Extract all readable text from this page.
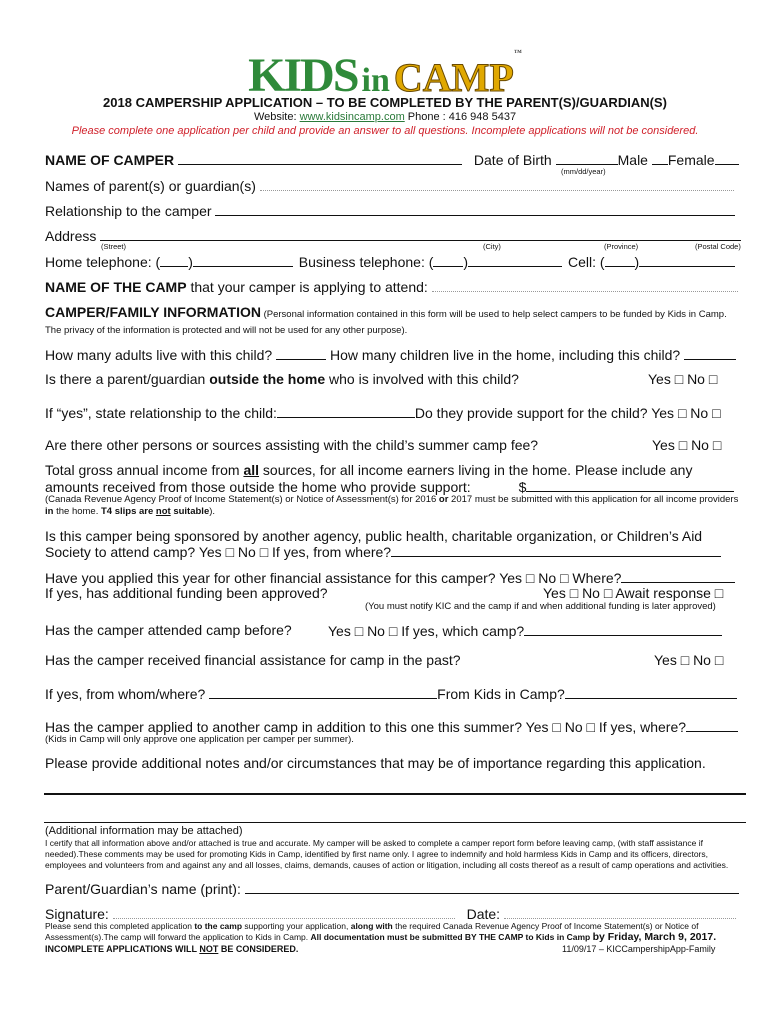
KIDS in CAMP™
2018 CAMPERSHIP APPLICATION – TO BE COMPLETED BY THE PARENT(S)/GUARDIAN(S)
Website: www.kidsincamp.com Phone : 416 948 5437
Please complete one application per child and provide an answer to all questions. Incomplete applications will not be considered.
NAME OF CAMPER	Date of Birth	Male Female
(mm/dd/year)
Names of parent(s) or guardian(s)
Relationship to the camper
Address
(Street)	(City)	(Province)	(Postal Code)
Home telephone: ( )	Business telephone: ( )	Cell: ( )
NAME OF THE CAMP that your camper is applying to attend:
CAMPER/FAMILY INFORMATION (Personal information contained in this form will be used to help select campers to be funded by Kids in Camp. The privacy of the information is protected and will not be used for any other purpose).
How many adults live with this child?	How many children live in the home, including this child?
Is there a parent/guardian outside the home who is involved with this child?	Yes □ No □
If “yes”, state relationship to the child:	Do they provide support for the child? Yes □ No □
Are there other persons or sources assisting with the child’s summer camp fee?	Yes □ No □
Total gross annual income from all sources, for all income earners living in the home. Please include any
amounts received from those outside the home who provide support:	$
(Canada Revenue Agency Proof of Income Statement(s) or Notice of Assessment(s) for 2016 or 2017 must be submitted with this application for all income providers in the home. T4 slips are not suitable).
Is this camper being sponsored by another agency, public health, charitable organization, or Children’s Aid
Society to attend camp? Yes □ No □ If yes, from where?
Have you applied this year for other financial assistance for this camper? Yes □ No □ Where?
If yes, has additional funding been approved?	Yes □ No □ Await response □
(You must notify KIC and the camp if and when additional funding is later approved)
Has the camper attended camp before?	Yes □ No □ If yes, which camp?
Has the camper received financial assistance for camp in the past?	Yes □ No □
If yes, from whom/where?	From Kids in Camp?
Has the camper applied to another camp in addition to this one this summer? Yes □ No □ If yes, where?
(Kids in Camp will only approve one application per camper per summer).
Please provide additional notes and/or circumstances that may be of importance regarding this application.
(Additional information may be attached)
I certify that all information above and/or attached is true and accurate. My camper will be asked to complete a camper report form before leaving camp, (with staff assistance if needed).These comments may be used for promoting Kids in Camp, identified by first name only. I agree to indemnify and hold harmless Kids in Camp and its officers, directors, employees and volunteers from and against any and all losses, claims, demands, causes of action or litigation, including all costs thereof as a result of camp operations and activities.
Parent/Guardian’s name (print):
Signature:	Date:
Please send this completed application to the camp supporting your application, along with the required Canada Revenue Agency Proof of Income Statement(s) or Notice of Assessment(s).The camp will forward the application to Kids in Camp. All documentation must be submitted BY THE CAMP to Kids in Camp by Friday, March 9, 2017.
INCOMPLETE APPLICATIONS WILL NOT BE CONSIDERED.	11/09/17 – KICCampershipApp-Family
